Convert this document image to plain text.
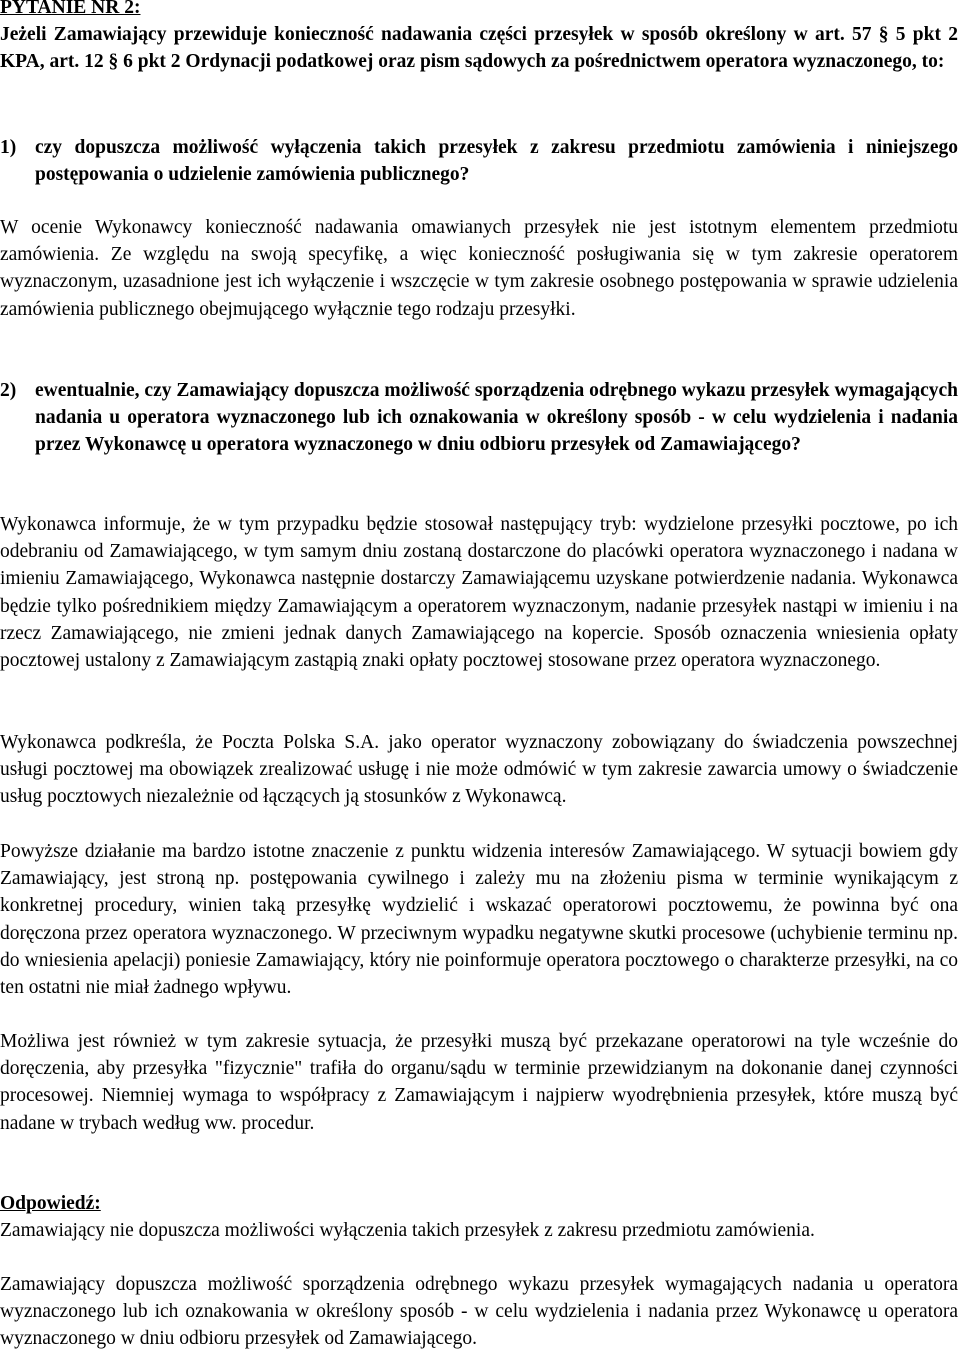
PYTANIE NR 2:

Jeżeli Zamawiający przewiduje konieczność nadawania części przesyłek w sposób określony w art. 57 § 5 pkt 2 KPA, art. 12 § 6 pkt 2 Ordynacji podatkowej oraz pism sądowych za pośrednictwem operatora wyznaczonego, to:

1) czy dopuszcza możliwość wyłączenia takich przesyłek z zakresu przedmiotu zamówienia i niniejszego postępowania o udzielenie zamówienia publicznego?

W ocenie Wykonawcy konieczność nadawania omawianych przesyłek nie jest istotnym elementem przedmiotu zamówienia. Ze względu na swoją specyfikę, a więc konieczność posługiwania się w tym zakresie operatorem wyznaczonym, uzasadnione jest ich wyłączenie i wszczęcie w tym zakresie osobnego postępowania w sprawie udzielenia zamówienia publicznego obejmującego wyłącznie tego rodzaju przesyłki.

2) ewentualnie, czy Zamawiający dopuszcza możliwość sporządzenia odrębnego wykazu przesyłek wymagających nadania u operatora wyznaczonego lub ich oznakowania w określony sposób - w celu wydzielenia i nadania przez Wykonawcę u operatora wyznaczonego w dniu odbioru przesyłek od Zamawiającego?

Wykonawca informuje, że w tym przypadku będzie stosował następujący tryb: wydzielone przesyłki pocztowe, po ich odebraniu od Zamawiającego, w tym samym dniu zostaną dostarczone do placówki operatora wyznaczonego i nadana w imieniu Zamawiającego, Wykonawca następnie dostarczy Zamawiającemu uzyskane potwierdzenie nadania. Wykonawca będzie tylko pośrednikiem między Zamawiającym a operatorem wyznaczonym, nadanie przesyłek nastąpi w imieniu i na rzecz Zamawiającego, nie zmieni jednak danych Zamawiającego na kopercie. Sposób oznaczenia wniesienia opłaty pocztowej ustalony z Zamawiającym zastąpią znaki opłaty pocztowej stosowane przez operatora wyznaczonego.

Wykonawca podkreśla, że Poczta Polska S.A. jako operator wyznaczony zobowiązany do świadczenia powszechnej usługi pocztowej ma obowiązek zrealizować usługę i nie może odmówić w tym zakresie zawarcia umowy o świadczenie usług pocztowych niezależnie od łączących ją stosunków z Wykonawcą.

Powyższe działanie ma bardzo istotne znaczenie z punktu widzenia interesów Zamawiającego. W sytuacji bowiem gdy Zamawiający, jest stroną np. postępowania cywilnego i zależy mu na złożeniu pisma w terminie wynikającym z konkretnej procedury, winien taką przesyłkę wydzielić i wskazać operatorowi pocztowemu, że powinna być ona doręczona przez operatora wyznaczonego. W przeciwnym wypadku negatywne skutki procesowe (uchybienie terminu np. do wniesienia apelacji) poniesie Zamawiający, który nie poinformuje operatora pocztowego o charakterze przesyłki, na co ten ostatni nie miał żadnego wpływu.

Możliwa jest również w tym zakresie sytuacja, że przesyłki muszą być przekazane operatorowi na tyle wcześnie do doręczenia, aby przesyłka "fizycznie" trafiła do organu/sądu w terminie przewidzianym na dokonanie danej czynności procesowej. Niemniej wymaga to współpracy z Zamawiającym i najpierw wyodrębnienia przesyłek, które muszą być nadane w trybach według ww. procedur.

Odpowiedź:

Zamawiający nie dopuszcza możliwości wyłączenia takich przesyłek z zakresu przedmiotu zamówienia.

Zamawiający dopuszcza możliwość sporządzenia odrębnego wykazu przesyłek wymagających nadania u operatora wyznaczonego lub ich oznakowania w określony sposób - w celu wydzielenia i nadania przez Wykonawcę u operatora wyznaczonego w dniu odbioru przesyłek od Zamawiającego.
